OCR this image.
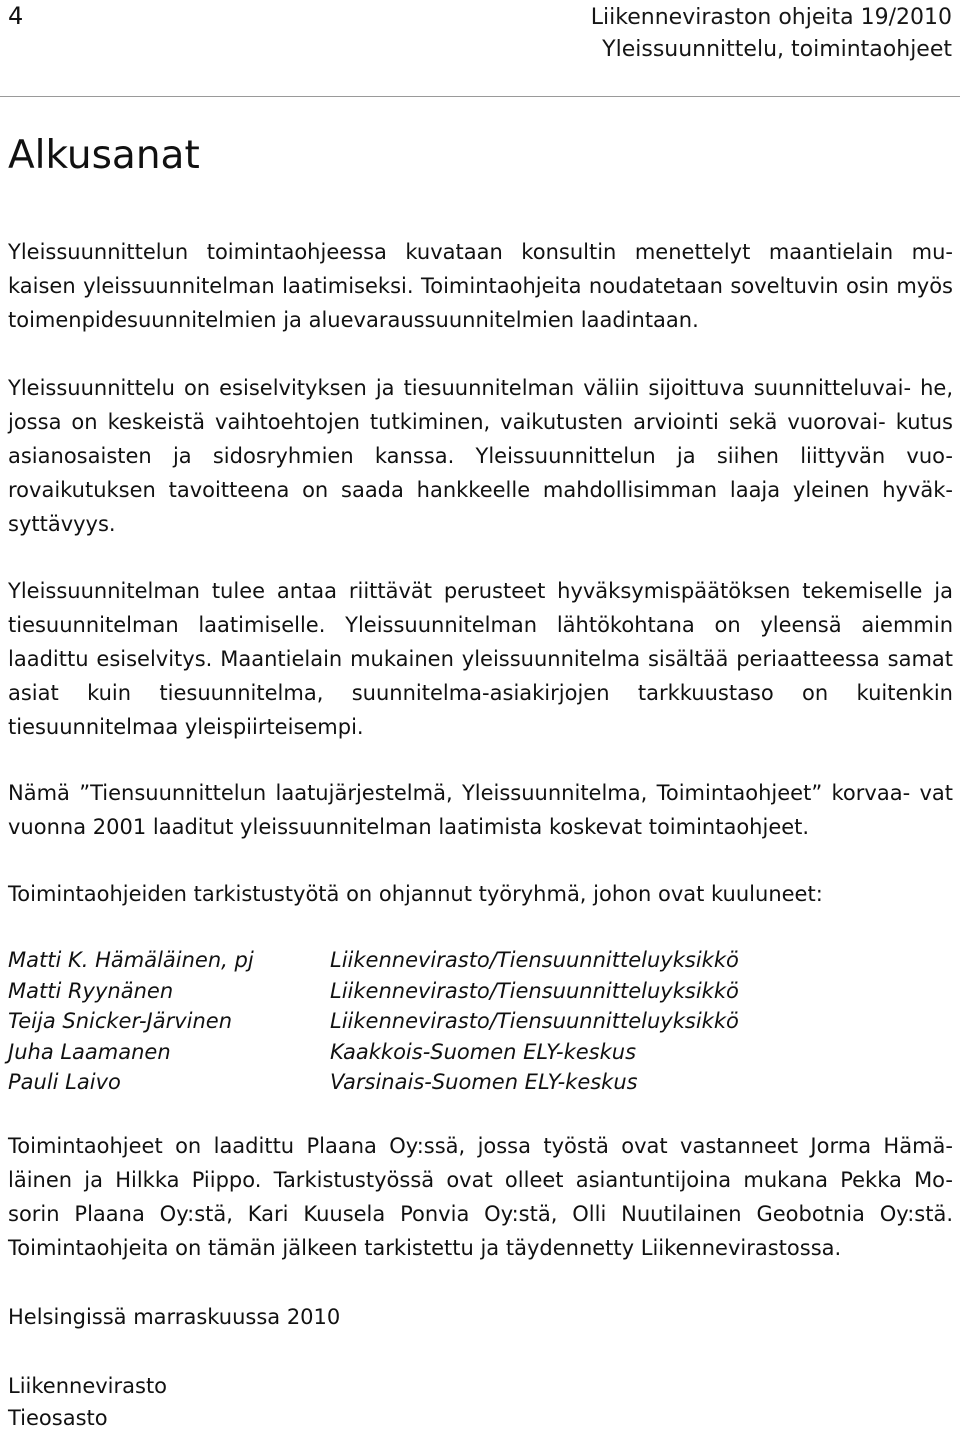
4	Liikenneviraston ohjeita 19/2010
Yleissuunnittelu, toimintaohjeet
Alkusanat

Yleissuunnittelun toimintaohjeessa kuvataan konsultin menettelyt maantielain mu- kaisen yleissuunnitelman laatimiseksi. Toimintaohjeita noudatetaan soveltuvin osin myös toimenpidesuunnitelmien ja aluevaraussuunnitelmien laadintaan.

Yleissuunnittelu on esiselvityksen ja tiesuunnitelman väliin sijoittuva suunnitteluvai- he, jossa on keskeistä vaihtoehtojen tutkiminen, vaikutusten arviointi sekä vuorovai- kutus asianosaisten ja sidosryhmien kanssa. Yleissuunnittelun ja siihen liittyvän vuo- rovaikutuksen tavoitteena on saada hankkeelle mahdollisimman laaja yleinen hyväk- syttävyys.

Yleissuunnitelman tulee antaa riittävät perusteet hyväksymispäätöksen tekemiselle ja tiesuunnitelman laatimiselle. Yleissuunnitelman lähtökohtana on yleensä aiemmin laadittu esiselvitys. Maantielain mukainen yleissuunnitelma sisältää periaatteessa samat asiat kuin tiesuunnitelma, suunnitelma-asiakirjojen tarkkuustaso on kuitenkin tiesuunnitelmaa yleispiirteisempi.

Nämä ”Tiensuunnittelun laatujärjestelmä, Yleissuunnitelma, Toimintaohjeet” korvaa- vat vuonna 2001 laaditut yleissuunnitelman laatimista koskevat toimintaohjeet.

Toimintaohjeiden tarkistustyötä on ohjannut työryhmä, johon ovat kuuluneet:

Matti K. Hämäläinen, pj	Liikennevirasto/Tiensuunnitteluyksikkö
Matti Ryynänen	Liikennevirasto/Tiensuunnitteluyksikkö
Teija Snicker-Järvinen	Liikennevirasto/Tiensuunnitteluyksikkö
Juha Laamanen	Kaakkois-Suomen ELY-keskus
Pauli Laivo	Varsinais-Suomen ELY-keskus

Toimintaohjeet on laadittu Plaana Oy:ssä, jossa työstä ovat vastanneet Jorma Hämä- läinen ja Hilkka Piippo. Tarkistustyössä ovat olleet asiantuntijoina mukana Pekka Mo- sorin Plaana Oy:stä, Kari Kuusela Ponvia Oy:stä, Olli Nuutilainen Geobotnia Oy:stä. Toimintaohjeita on tämän jälkeen tarkistettu ja täydennetty Liikennevirastossa.

Helsingissä marraskuussa 2010

Liikennevirasto

Tieosasto
